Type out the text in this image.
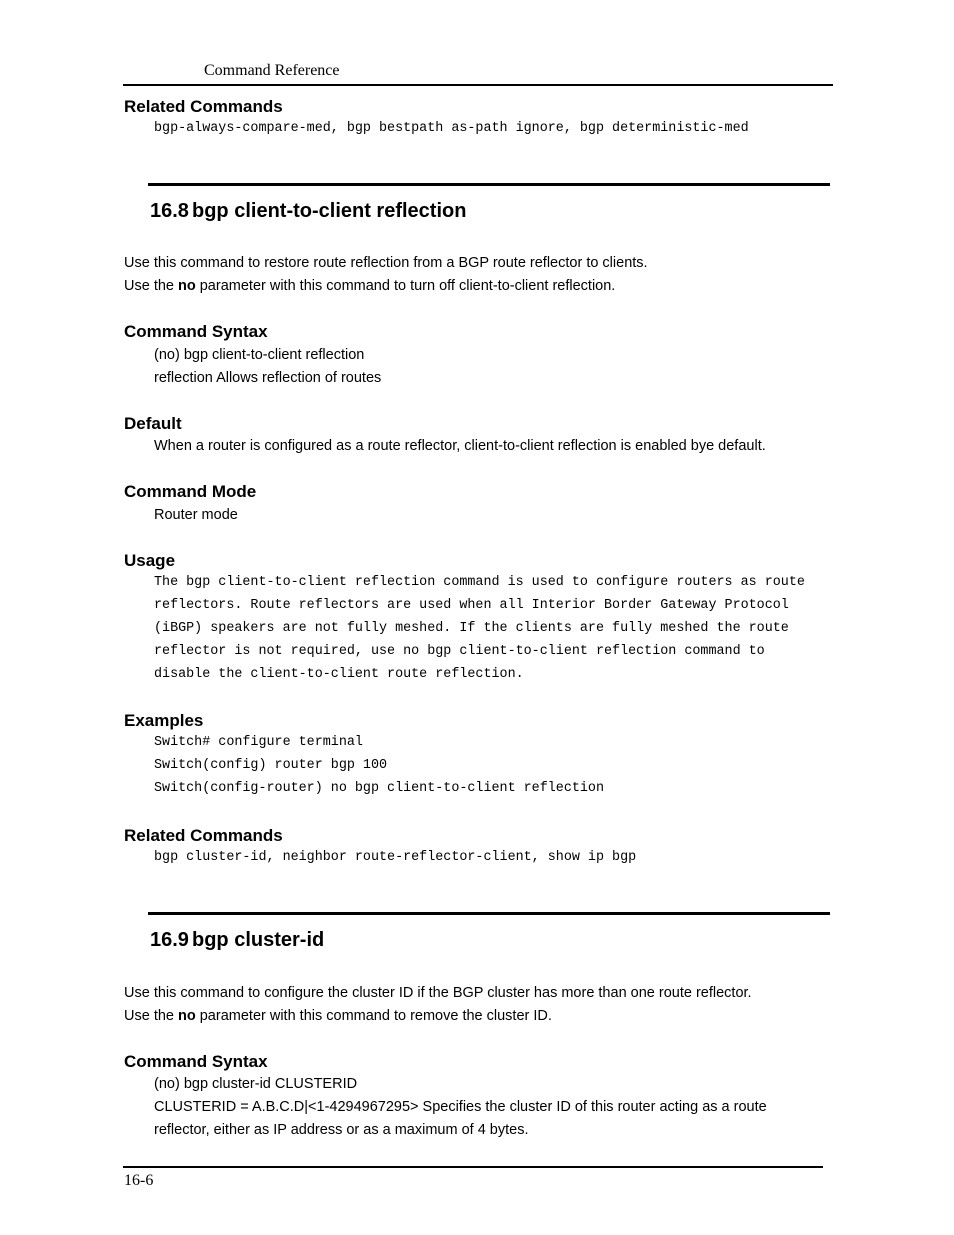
Command Reference
Related Commands
bgp-always-compare-med, bgp bestpath as-path ignore, bgp deterministic-med
16.8 bgp client-to-client reflection
Use this command to restore route reflection from a BGP route reflector to clients.
Use the no parameter with this command to turn off client-to-client reflection.
Command Syntax
(no) bgp client-to-client reflection
reflection Allows reflection of routes
Default
When a router is configured as a route reflector, client-to-client reflection is enabled bye default.
Command Mode
Router mode
Usage
The bgp client-to-client reflection command is used to configure routers as route
reflectors. Route reflectors are used when all Interior Border Gateway Protocol
(iBGP) speakers are not fully meshed. If the clients are fully meshed the route
reflector is not required, use no bgp client-to-client reflection command to
disable the client-to-client route reflection.
Examples
Switch# configure terminal
Switch(config) router bgp 100
Switch(config-router) no bgp client-to-client reflection
Related Commands
bgp cluster-id, neighbor route-reflector-client, show ip bgp
16.9 bgp cluster-id
Use this command to configure the cluster ID if the BGP cluster has more than one route reflector.
Use the no parameter with this command to remove the cluster ID.
Command Syntax
(no) bgp cluster-id CLUSTERID
CLUSTERID = A.B.C.D|<1-4294967295> Specifies the cluster ID of this router acting as a route
reflector, either as IP address or as a maximum of 4 bytes.
16-6
